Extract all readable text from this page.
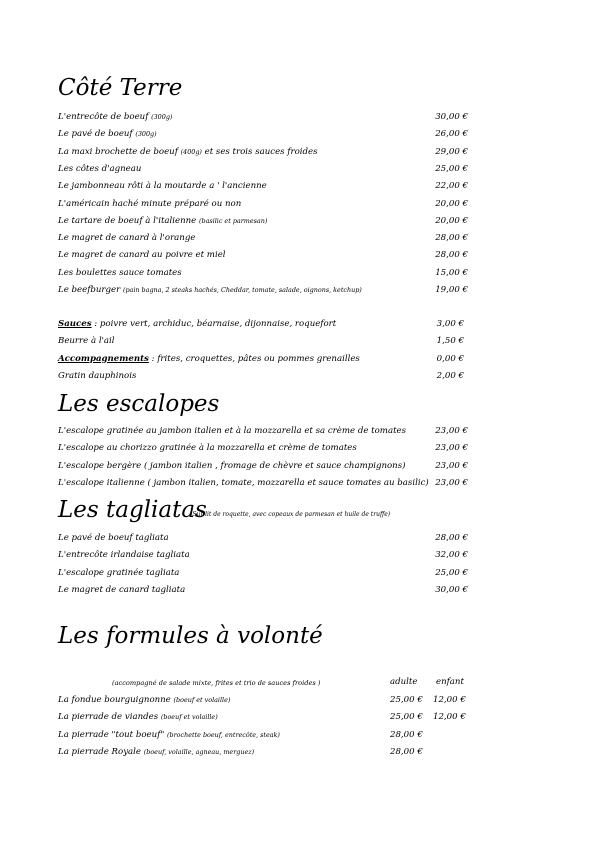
Côté Terre
L'entrecôte de boeuf (300g)	30,00 €
Le pavé de boeuf (300g)	26,00 €
La maxi brochette de boeuf (400g) et ses trois sauces froides	29,00 €
Les côtes d'agneau	25,00 €
Le jambonneau rôti à la moutarde a ' l'ancienne	22,00 €
L'américain haché minute préparé ou non	20,00 €
Le tartare de boeuf à l'italienne (basilic et parmesan)	20,00 €
Le magret de canard à l'orange	28,00 €
Le magret de canard au poivre et miel	28,00 €
Les boulettes sauce tomates	15,00 €
Le beefburger (pain bagna, 2 steaks hachés, Cheddar, tomate, salade, oignons, ketchup)	19,00 €
Sauces : poivre vert, archiduc, béarnaise, dijonnaise, roquefort	3,00 €
Beurre à l'ail	1,50 €
Accompagnements : frites, croquettes, pâtes ou pommes grenailles	0,00 €
Gratin dauphinois	2,00 €
Les escalopes
L'escalope gratinée au jambon italien et à la mozzarella et sa crème de tomates	23,00 €
L'escalope au chorizzo gratinée à la mozzarella et crème de tomates	23,00 €
L'escalope bergère ( jambon italien , fromage de chèvre et sauce champignons)	23,00 €
L'escalope italienne ( jambon italien, tomate, mozzarella et sauce tomates au basilic) 23,00 €
Les tagliatas
(Sur lit de roquette, avec copeaux de parmesan et huile de truffe)
Le pavé de boeuf tagliata	28,00 €
L'entrecôte irlandaise tagliata	32,00 €
L'escalope gratinée tagliata	25,00 €
Le magret de canard tagliata	30,00 €
Les formules à volonté
(accompagné de salade mixte, frites et trio de sauces froides )	adulte enfant
La fondue bourguignonne (boeuf et volaille)	25,00 € 12,00 €
La pierrade de viandes (boeuf et volaille)	25,00 € 12,00 €
La pierrade "tout boeuf" (brochette boeuf, entrecôte, steak)	28,00 €
La pierrade Royale (boeuf, volaille, agneau, merguez)	28,00 €
